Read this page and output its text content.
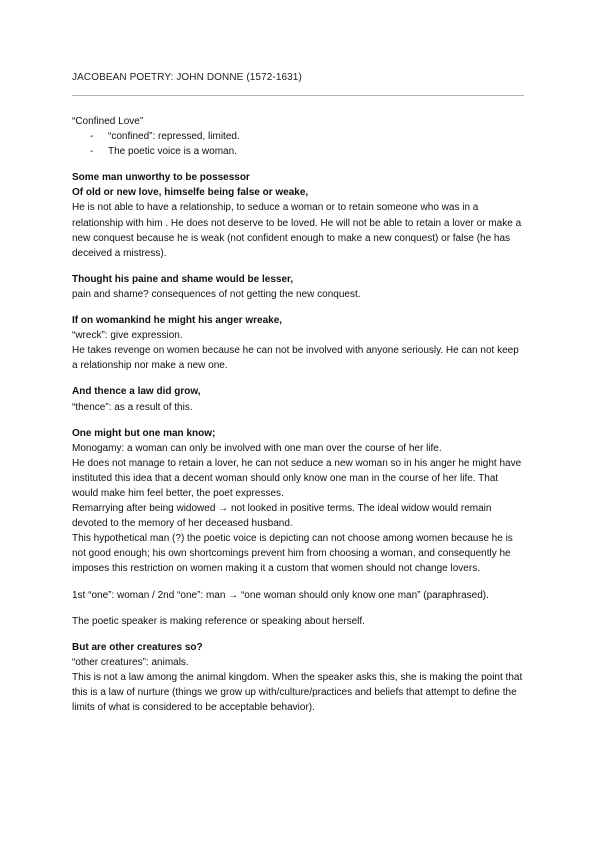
JACOBEAN POETRY: JOHN DONNE (1572-1631)

“Confined Love”

- “confined”: repressed, limited.
- The poetic voice is a woman.

Some man unworthy to be possessor

Of old or new love, himselfe being false or weake,

He is not able to have a relationship, to seduce a woman or to retain someone who was in a relationship with him . He does not deserve to be loved. He will not be able to retain a lover or make a new conquest because he is weak (not confident enough to make a new conquest) or false (he has deceived a mistress).

Thought his paine and shame would be lesser,

pain and shame? consequences of not getting the new conquest.

If on womankind he might his anger wreake,

“wreck”: give expression.

He takes revenge on women because he can not be involved with anyone seriously. He can not keep a relationship nor make a new one.

And thence a law did grow,

“thence”: as a result of this.

One might but one man know;

Monogamy: a woman can only be involved with one man over the course of her life.

He does not manage to retain a lover, he can not seduce a new woman so in his anger he might have instituted this idea that a decent woman should only know one man in the course of her life. That would make him feel better, the poet expresses.

Remarrying after being widowed → not looked in positive terms. The ideal widow would remain devoted to the memory of her deceased husband.

This hypothetical man (?) the poetic voice is depicting can not choose among women because he is not good enough; his own shortcomings prevent him from choosing a woman, and consequently he imposes this restriction on women making it a custom that women should not change lovers.

1st “one”: woman / 2nd “one”: man → “one woman should only know one man” (paraphrased).

The poetic speaker is making reference or speaking about herself.

But are other creatures so?

“other creatures”: animals.

This is not a law among the animal kingdom. When the speaker asks this, she is making the point that this is a law of nurture (things we grow up with/culture/practices and beliefs that attempt to define the limits of what is considered to be acceptable behavior).
